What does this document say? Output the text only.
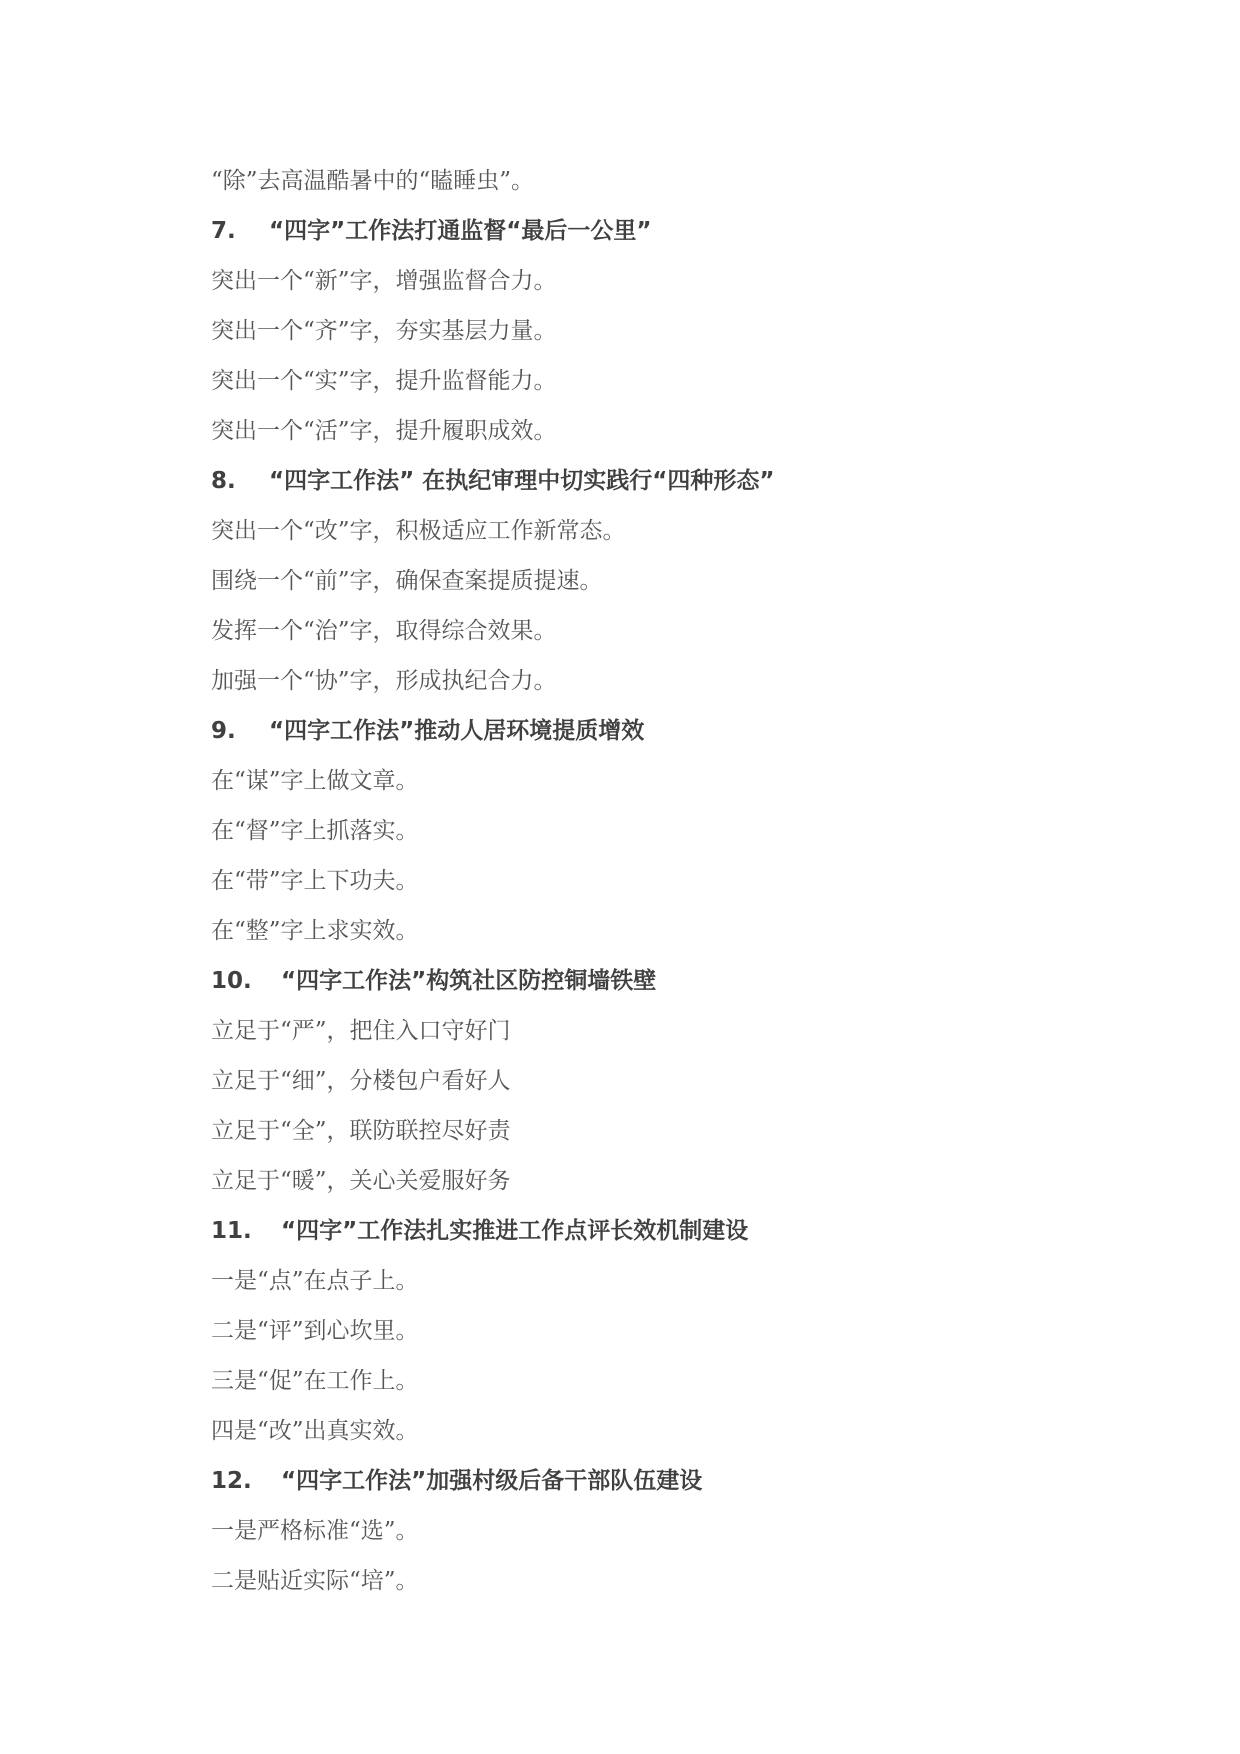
“除”去高温酷暑中的“瞌睡虫”。
7. “四字”工作法打通监督“最后一公里”
突出一个“新”字，增强监督合力。
突出一个“齐”字，夯实基层力量。
突出一个“实”字，提升监督能力。
突出一个“活”字，提升履职成效。
8. “四字工作法” 在执纪审理中切实践行“四种形态”
突出一个“改”字，积极适应工作新常态。
围绕一个“前”字，确保查案提质提速。
发挥一个“治”字，取得综合效果。
加强一个“协”字，形成执纪合力。
9. “四字工作法”推动人居环境提质增效
在“谋”字上做文章。
在“督”字上抓落实。
在“带”字上下功夫。
在“整”字上求实效。
10. “四字工作法”构筑社区防控铜墙铁壁
立足于“严”，把住入口守好门
立足于“细”，分楼包户看好人
立足于“全”，联防联控尽好责
立足于“暖”，关心关爱服好务
11. “四字”工作法扎实推进工作点评长效机制建设
一是“点”在点子上。
二是“评”到心坎里。
三是“促”在工作上。
四是“改”出真实效。
12. “四字工作法”加强村级后备干部队伍建设
一是严格标准“选”。
二是贴近实际“培”。
